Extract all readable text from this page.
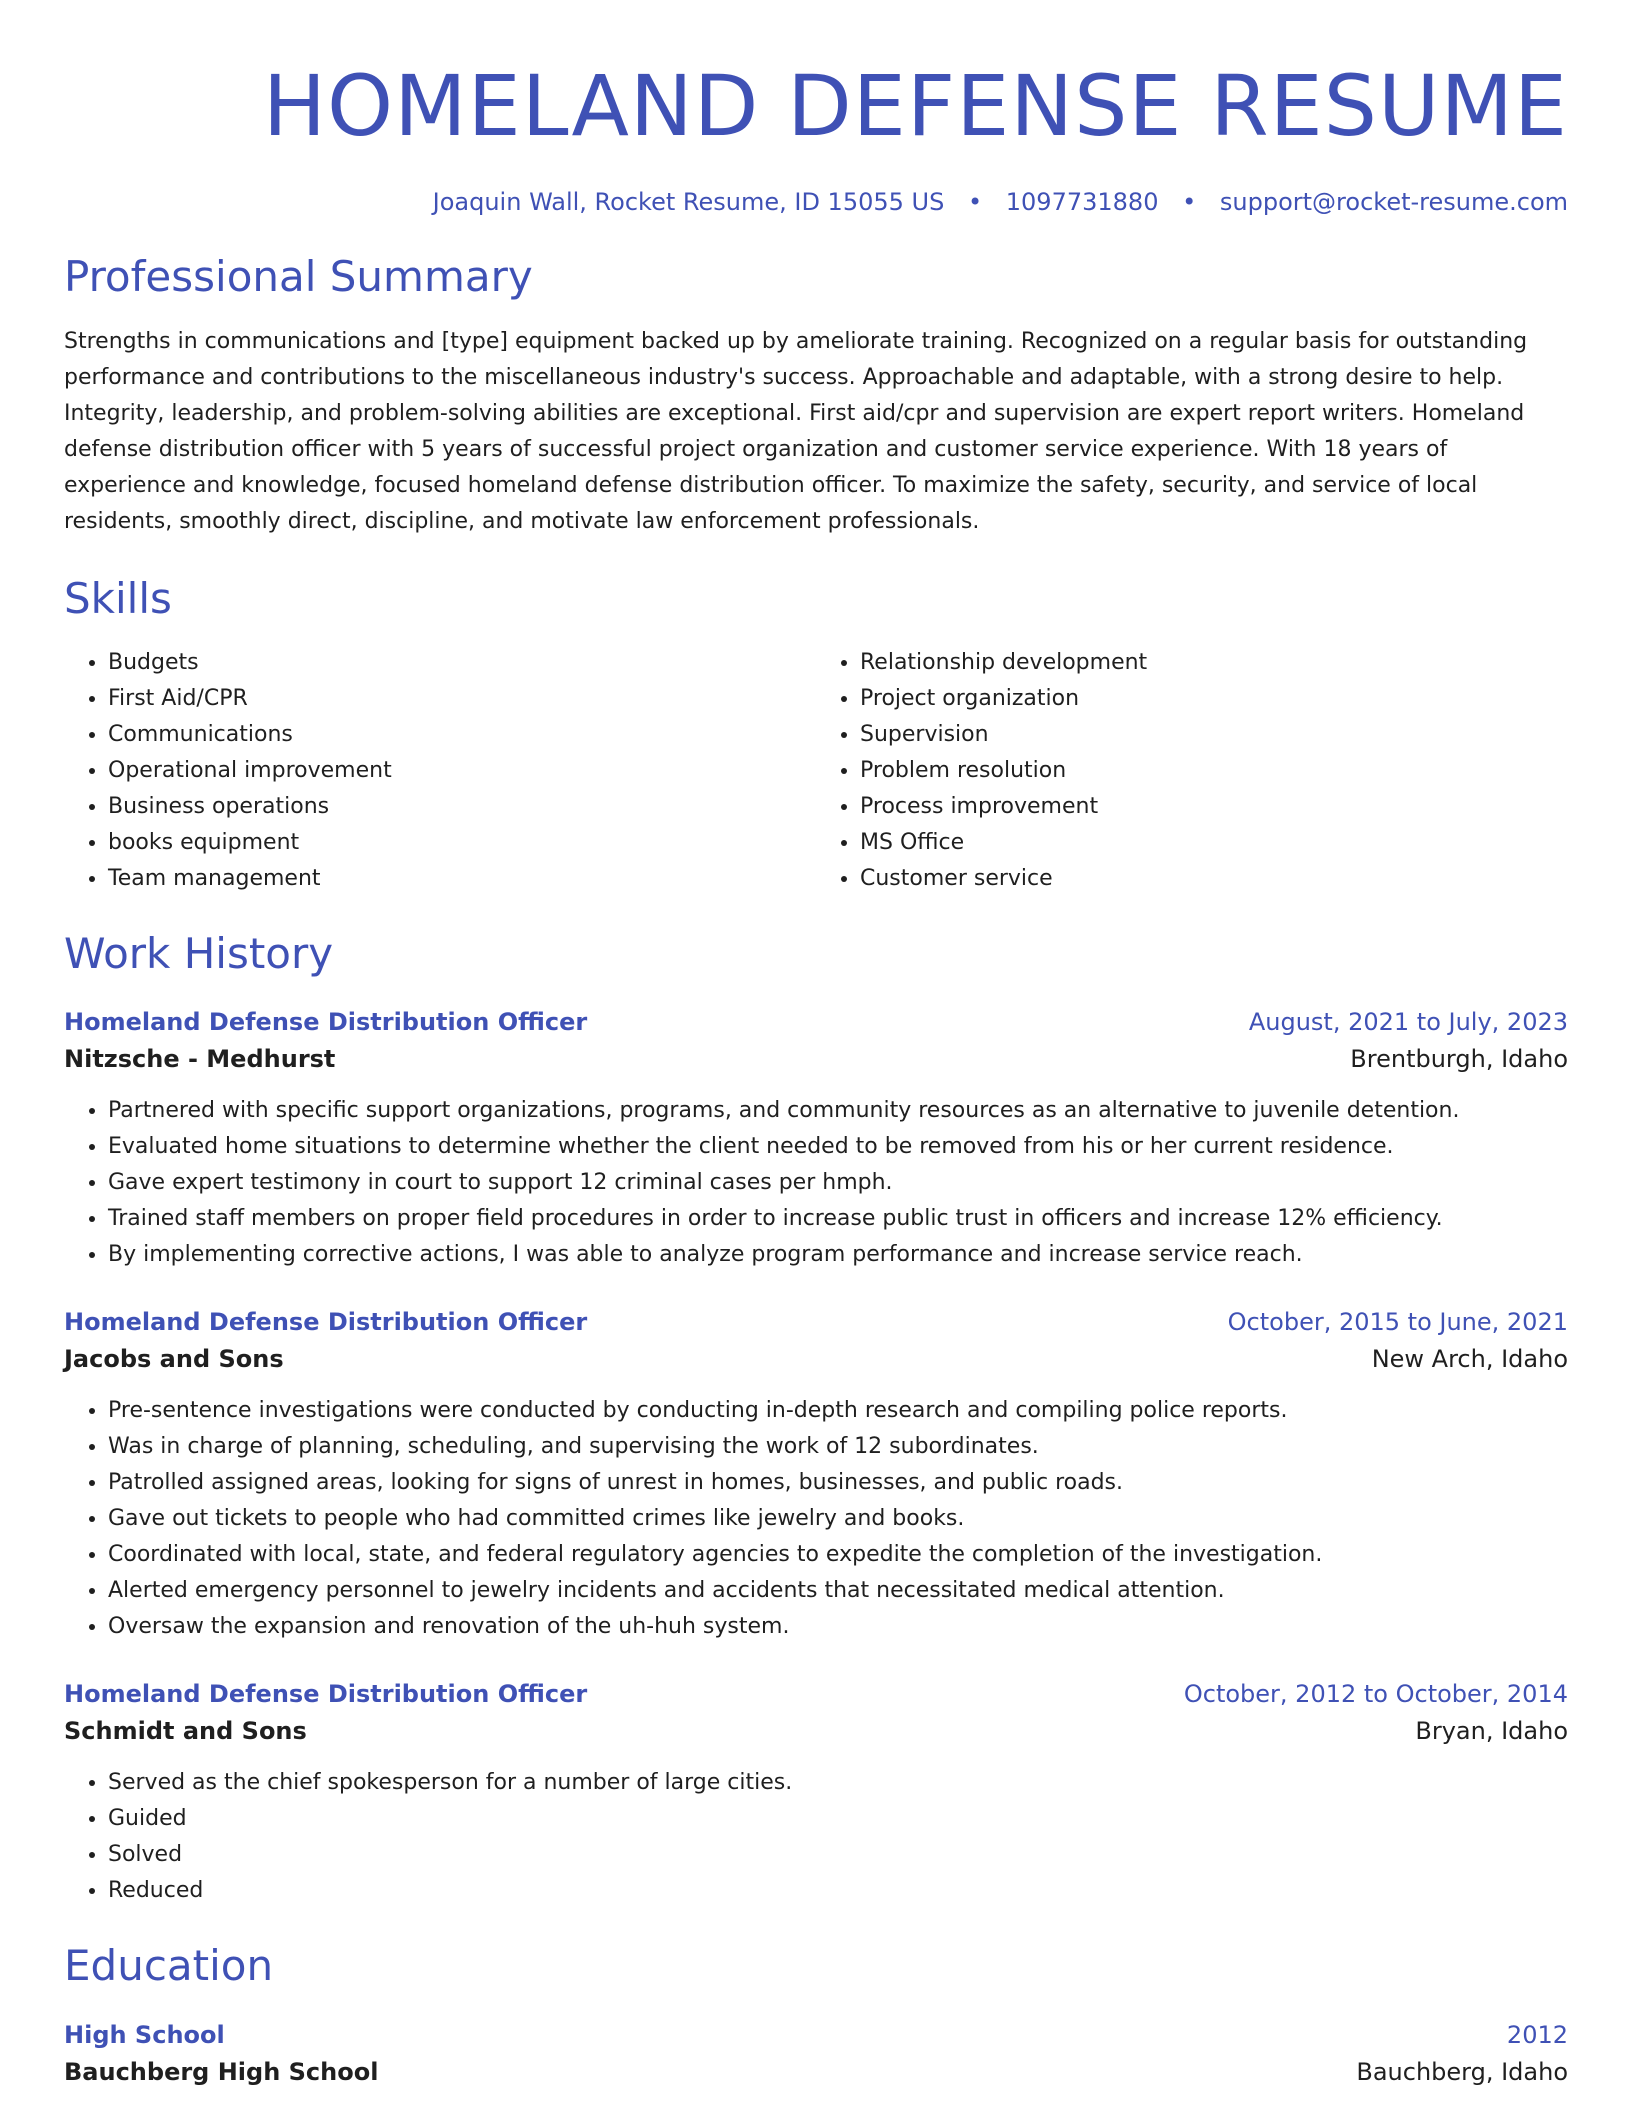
HOMELAND DEFENSE RESUME
Joaquin Wall, Rocket Resume, ID 15055 US • 1097731880 • support@rocket-resume.com
Professional Summary

Strengths in communications and [type] equipment backed up by ameliorate training. Recognized on a regular basis for outstanding performance and contributions to the miscellaneous industry's success. Approachable and adaptable, with a strong desire to help. Integrity, leadership, and problem-solving abilities are exceptional. First aid/cpr and supervision are expert report writers. Homeland defense distribution officer with 5 years of successful project organization and customer service experience. With 18 years of experience and knowledge, focused homeland defense distribution officer. To maximize the safety, security, and service of local residents, smoothly direct, discipline, and motivate law enforcement professionals.

Skills
• Budgets
• First Aid/CPR
• Communications
• Operational improvement
• Business operations
• books equipment
• Team management
• Relationship development
• Project organization
• Supervision
• Problem resolution
• Process improvement
• MS Office
• Customer service
Work History
Homeland Defense Distribution Officer	August, 2021 to July, 2023
Nitzsche - Medhurst	Brentburgh, Idaho
• Partnered with specific support organizations, programs, and community resources as an alternative to juvenile detention.
• Evaluated home situations to determine whether the client needed to be removed from his or her current residence.
• Gave expert testimony in court to support 12 criminal cases per hmph.
• Trained staff members on proper field procedures in order to increase public trust in officers and increase 12% efficiency.
• By implementing corrective actions, I was able to analyze program performance and increase service reach.
Homeland Defense Distribution Officer	October, 2015 to June, 2021
Jacobs and Sons	New Arch, Idaho
• Pre-sentence investigations were conducted by conducting in-depth research and compiling police reports.
• Was in charge of planning, scheduling, and supervising the work of 12 subordinates.
• Patrolled assigned areas, looking for signs of unrest in homes, businesses, and public roads.
• Gave out tickets to people who had committed crimes like jewelry and books.
• Coordinated with local, state, and federal regulatory agencies to expedite the completion of the investigation.
• Alerted emergency personnel to jewelry incidents and accidents that necessitated medical attention.
• Oversaw the expansion and renovation of the uh-huh system.
Homeland Defense Distribution Officer	October, 2012 to October, 2014
Schmidt and Sons	Bryan, Idaho
• Served as the chief spokesperson for a number of large cities.
• Guided
• Solved
• Reduced
Education
High School	2012
Bauchberg High School	Bauchberg, Idaho
